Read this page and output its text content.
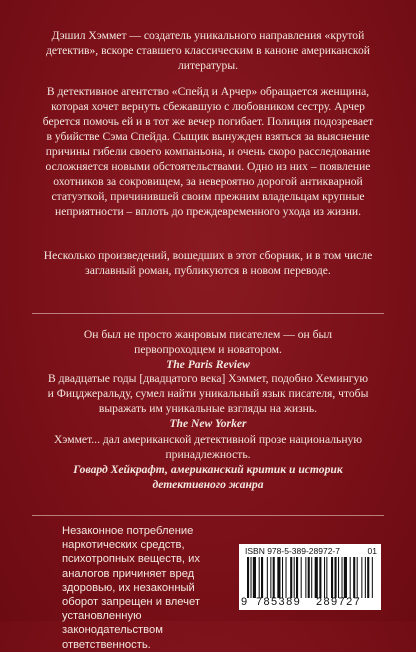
Дэшил Хэммет — создатель уникального направления «крутой детектив», вскоре ставшего классическим в каноне американской литературы.

В детективное агентство «Спейд и Арчер» обращается женщина, которая хочет вернуть сбежавшую с любовником сестру. Арчер берется помочь ей и в тот же вечер погибает. Полиция подозревает в убийстве Сэма Спейда. Сыщик вынужден взяться за выяснение причины гибели своего компаньона, и очень скоро расследование осложняется новыми обстоятельствами. Одно из них – появление охотников за сокровищем, за невероятно дорогой антикварной статуэткой, причинившей своим прежним владельцам крупные неприятности – вплоть до преждевременного ухода из жизни.

Несколько произведений, вошедших в этот сборник, и в том числе заглавный роман, публикуются в новом переводе.

Он был не просто жанровым писателем — он был первопроходцем и новатором.
The Paris Review
В двадцатые годы [двадцатого века] Хэммет, подобно Хемингую и Фицджеральду, сумел найти уникальный язык писателя, чтобы выражать им уникальные взгляды на жизнь.
The New Yorker
Хэммет... дал американской детективной прозе национальную принадлежность.
Говард Хейкрафт, американский критик и историк детективного жанра

Незаконное потребление наркотических средств, психотропных веществ, их аналогов причиняет вред здоровью, их незаконный оборот запрещен и влечет установленную законодательством ответственность.

ISBN 978-5-389-28972-7	01
9 785389 289727
